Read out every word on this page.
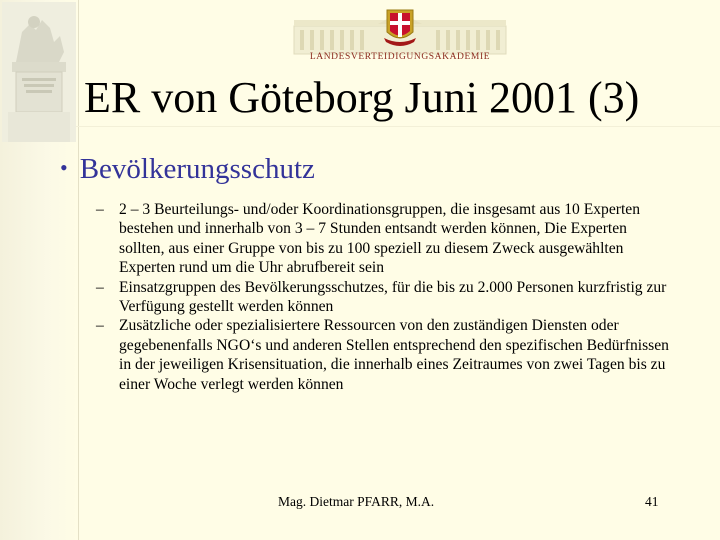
LANDESVERTEIDIGUNGSAKADEMIE
ER von Göteborg Juni 2001 (3)
• Bevölkerungsschutz
– 2 – 3 Beurteilungs- und/oder Koordinationsgruppen, die insgesamt aus 10 Experten bestehen und innerhalb von 3 – 7 Stunden entsandt werden können, Die Experten sollten, aus einer Gruppe von bis zu 100 speziell zu diesem Zweck ausgewählten Experten rund um die Uhr abrufbereit sein
– Einsatzgruppen des Bevölkerungsschutzes, für die bis zu 2.000 Personen kurzfristig zur Verfügung gestellt werden können
– Zusätzliche oder spezialisiertere Ressourcen von den zuständigen Diensten oder gegebenenfalls NGO‘s und anderen Stellen entsprechend den spezifischen Bedürfnissen in der jeweiligen Krisensituation, die innerhalb eines Zeitraumes von zwei Tagen bis zu einer Woche verlegt werden können
Mag. Dietmar PFARR, M.A.	41
